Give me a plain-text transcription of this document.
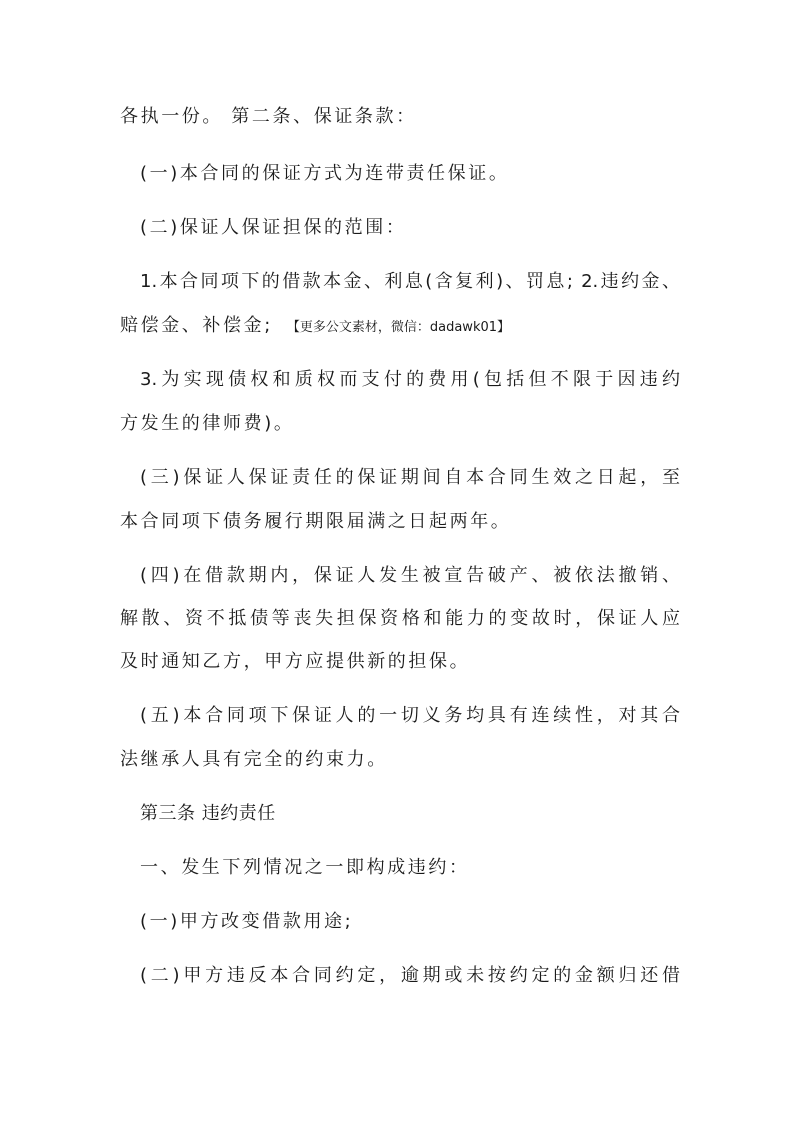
各执一份。 第二条、保证条款：
(一)本合同的保证方式为连带责任保证。
(二)保证人保证担保的范围：
1.本合同项下的借款本金、利息(含复利)、罚息; 2.违约金、
赔偿金、补偿金; 【更多公文素材，微信：dadawk01】
3.为实现债权和质权而支付的费用(包括但不限于因违约
方发生的律师费)。
(三)保证人保证责任的保证期间自本合同生效之日起，至
本合同项下债务履行期限届满之日起两年。
(四)在借款期内，保证人发生被宣告破产、被依法撤销、
解散、资不抵债等丧失担保资格和能力的变故时，保证人应
及时通知乙方，甲方应提供新的担保。
(五)本合同项下保证人的一切义务均具有连续性，对其合
法继承人具有完全的约束力。
第三条 违约责任
一、发生下列情况之一即构成违约：
(一)甲方改变借款用途;
(二)甲方违反本合同约定，逾期或未按约定的金额归还借
